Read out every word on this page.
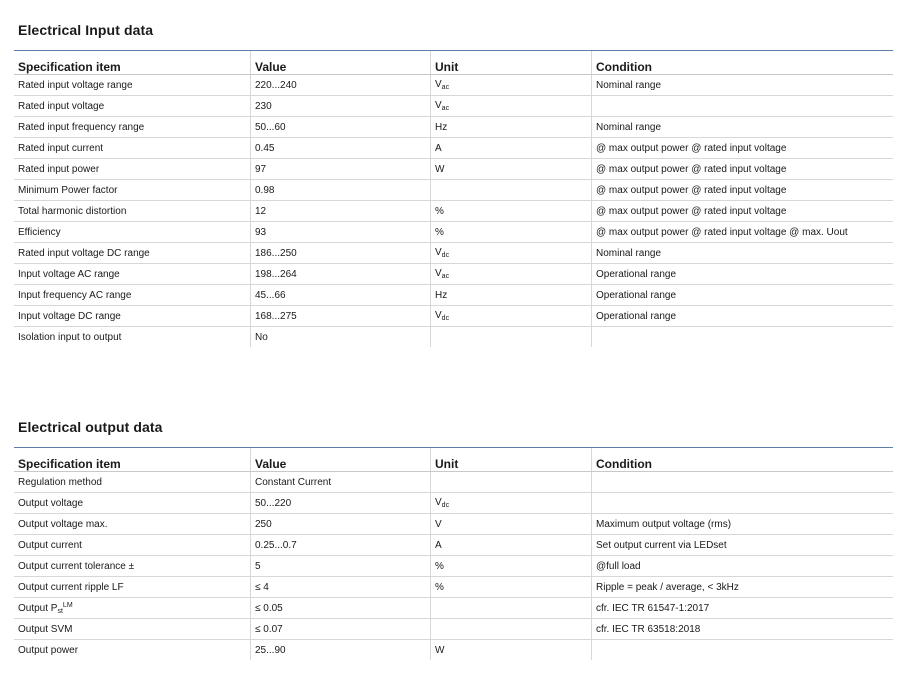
Electrical Input data
Specification item	Value	Unit	Condition
Rated input voltage range	220...240	$V_{ac}$	Nominal range
Rated input voltage	230	$V_{ac}$	
Rated input frequency range	50...60	Hz	Nominal range
Rated input current	0.45	A	@ max output power @ rated input voltage
Rated input power	97	W	@ max output power @ rated input voltage
Minimum Power factor	0.98		@ max output power @ rated input voltage
Total harmonic distortion	12	%	@ max output power @ rated input voltage
Efficiency	93	%	@ max output power @ rated input voltage @ max. Uout
Rated input voltage DC range	186...250	$V_{dc}$	Nominal range
Input voltage AC range	198...264	$V_{ac}$	Operational range
Input frequency AC range	45...66	Hz	Operational range
Input voltage DC range	168...275	$V_{dc}$	Operational range
Isolation input to output	No		
Electrical output data
Specification item	Value	Unit	Condition
Regulation method	Constant Current		
Output voltage	50...220	$V_{dc}$	
Output voltage max.	250	V	Maximum output voltage (rms)
Output current	0.25...0.7	A	Set output current via LEDset
Output current tolerance ±	5	%	@full load
Output current ripple LF	≤ 4	%	Ripple = peak / average, < 3kHz
Output $P_{st}^{LM}$	≤ 0.05		cfr. IEC TR 61547-1:2017
Output SVM	≤ 0.07		cfr. IEC TR 63518:2018
Output power	25...90	W	
